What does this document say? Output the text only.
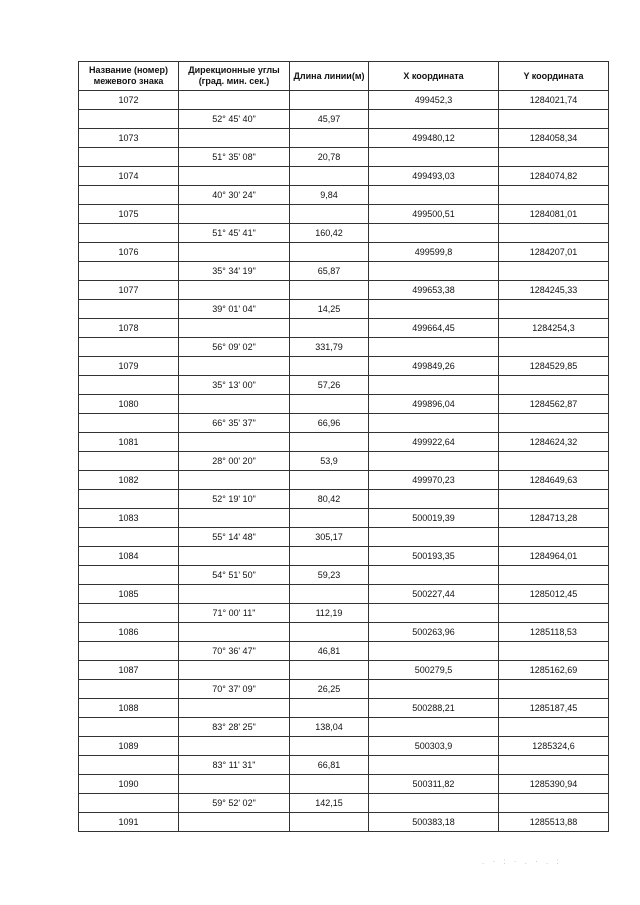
Название (номер) межевого знака	Дирекционные углы (град. мин. сек.)	Длина линии(м)	X координата	Y координата
1072			499452,3	1284021,74
	52° 45' 40"	45,97		
1073			499480,12	1284058,34
	51° 35' 08"	20,78		
1074			499493,03	1284074,82
	40° 30' 24"	9,84		
1075			499500,51	1284081,01
	51° 45' 41"	160,42		
1076			499599,8	1284207,01
	35° 34' 19"	65,87		
1077			499653,38	1284245,33
	39° 01' 04"	14,25		
1078			499664,45	1284254,3
	56° 09' 02"	331,79		
1079			499849,26	1284529,85
	35° 13' 00"	57,26		
1080			499896,04	1284562,87
	66° 35' 37"	66,96		
1081			499922,64	1284624,32
	28° 00' 20"	53,9		
1082			499970,23	1284649,63
	52° 19' 10"	80,42		
1083			500019,39	1284713,28
	55° 14' 48"	305,17		
1084			500193,35	1284964,01
	54° 51' 50"	59,23		
1085			500227,44	1285012,45
	71° 00' 11"	112,19		
1086			500263,96	1285118,53
	70° 36' 47"	46,81		
1087			500279,5	1285162,69
	70° 37' 09"	26,25		
1088			500288,21	1285187,45
	83° 28' 25"	138,04		
1089			500303,9	1285324,6
	83° 11' 31"	66,81		
1090			500311,82	1285390,94
	59° 52' 02"	142,15		
1091			500383,18	1285513,88
. · : · . · . :
